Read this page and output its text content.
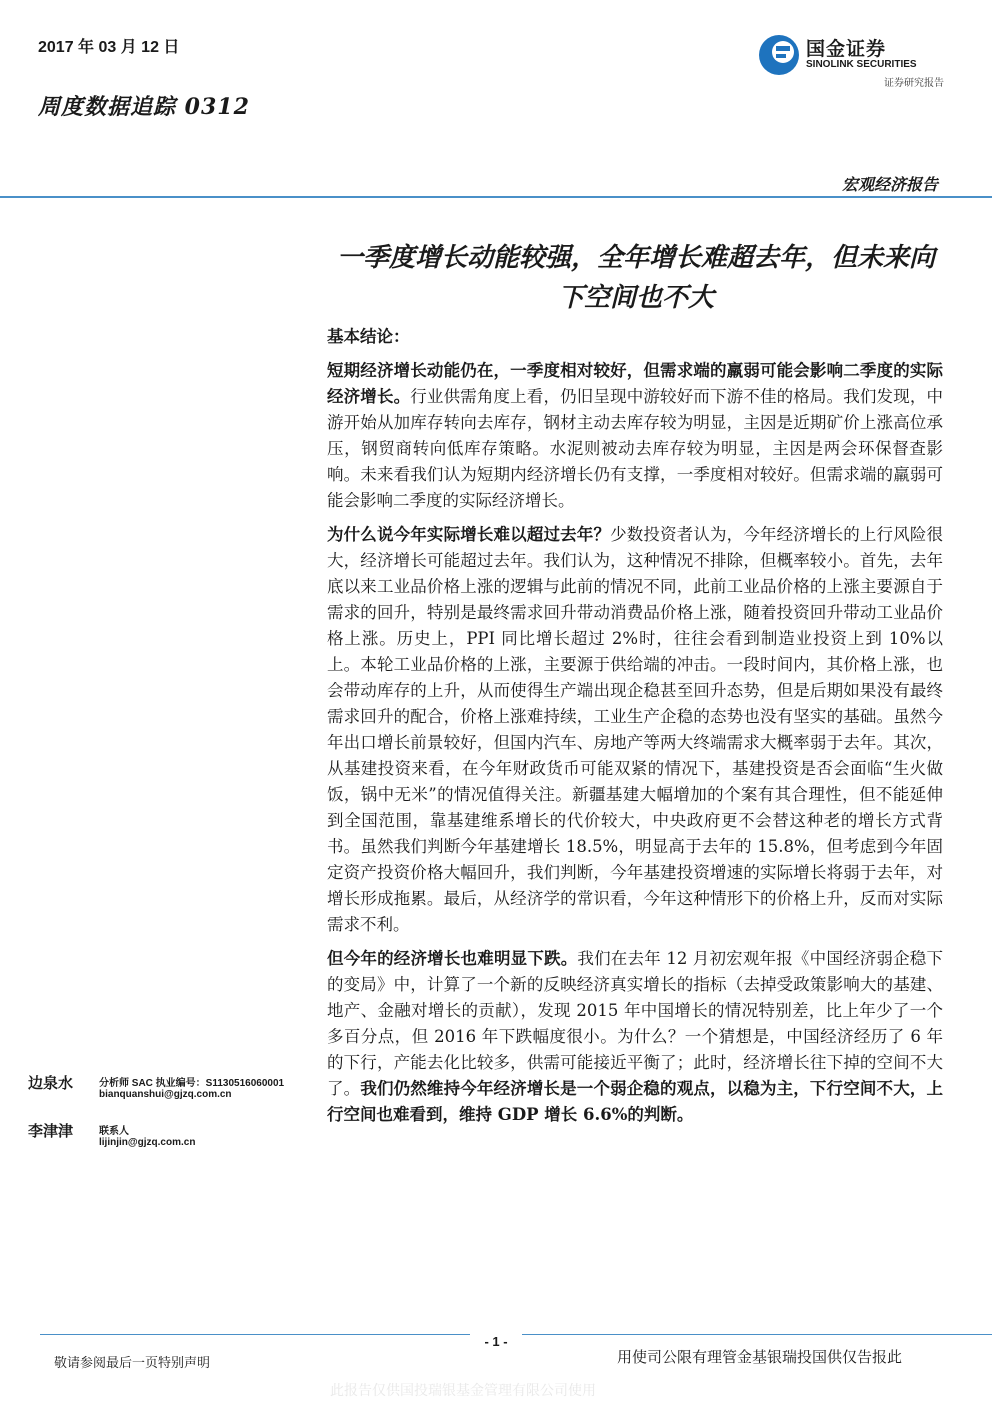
2017 年 03 月 12 日
周度数据追踪 0312
国金证券
SINOLINK SECURITIES
证券研究报告
宏观经济报告
一季度增长动能较强，全年增长难超去年，但未来向下空间也不大

基本结论：

短期经济增长动能仍在，一季度相对较好，但需求端的羸弱可能会影响二季度的实际经济增长。行业供需角度上看，仍旧呈现中游较好而下游不佳的格局。我们发现，中游开始从加库存转向去库存，钢材主动去库存较为明显，主因是近期矿价上涨高位承压，钢贸商转向低库存策略。水泥则被动去库存较为明显，主因是两会环保督查影响。未来看我们认为短期内经济增长仍有支撑，一季度相对较好。但需求端的羸弱可能会影响二季度的实际经济增长。

为什么说今年实际增长难以超过去年？少数投资者认为，今年经济增长的上行风险很大，经济增长可能超过去年。我们认为，这种情况不排除，但概率较小。首先，去年底以来工业品价格上涨的逻辑与此前的情况不同，此前工业品价格的上涨主要源自于需求的回升，特别是最终需求回升带动消费品价格上涨，随着投资回升带动工业品价格上涨。历史上，PPI 同比增长超过 2%时，往往会看到制造业投资上到 10%以上。本轮工业品价格的上涨，主要源于供给端的冲击。一段时间内，其价格上涨，也会带动库存的上升，从而使得生产端出现企稳甚至回升态势，但是后期如果没有最终需求回升的配合，价格上涨难持续，工业生产企稳的态势也没有坚实的基础。虽然今年出口增长前景较好，但国内汽车、房地产等两大终端需求大概率弱于去年。其次，从基建投资来看，在今年财政货币可能双紧的情况下，基建投资是否会面临“生火做饭，锅中无米”的情况值得关注。新疆基建大幅增加的个案有其合理性，但不能延伸到全国范围，靠基建维系增长的代价较大，中央政府更不会替这种老的增长方式背书。虽然我们判断今年基建增长 18.5%，明显高于去年的 15.8%，但考虑到今年固定资产投资价格大幅回升，我们判断，今年基建投资增速的实际增长将弱于去年，对增长形成拖累。最后，从经济学的常识看，今年这种情形下的价格上升，反而对实际需求不利。

但今年的经济增长也难明显下跌。我们在去年 12 月初宏观年报《中国经济弱企稳下的变局》中，计算了一个新的反映经济真实增长的指标（去掉受政策影响大的基建、地产、金融对增长的贡献），发现 2015 年中国增长的情况特别差，比上年少了一个多百分点，但 2016 年下跌幅度很小。为什么？一个猜想是，中国经济经历了 6 年的下行，产能去化比较多，供需可能接近平衡了；此时，经济增长往下掉的空间不大了。我们仍然维持今年经济增长是一个弱企稳的观点，以稳为主，下行空间不大，上行空间也难看到，维持 GDP 增长 6.6%的判断。

边泉水	分析师 SAC 执业编号：S1130516060001
bianquanshui@gjzq.com.cn
李津津	联系人
lijinjin@gjzq.com.cn
- 1 -
敬请参阅最后一页特别声明	用使司公限有理管金基银瑞投国供仅告报此
此报告仅供国投瑞银基金管理有限公司使用
